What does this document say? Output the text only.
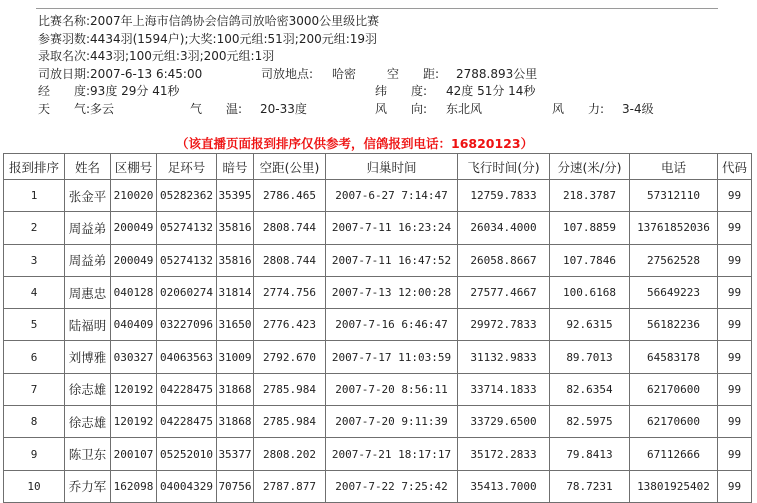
比赛名称:2007年上海市信鸽协会信鸽司放哈密3000公里级比赛
参赛羽数:4434羽(1594户);大奖:100元组:51羽;200元组:19羽
录取名次:443羽;100元组:3羽;200元组:1羽
司放日期:2007-6-13 6:45:00	司放地点: 哈密	空　　距: 2788.893公里
经　　度:93度 29分 41秒	纬　　度: 42度 51分 14秒
天　　气:多云	气　　温: 20-33度	风　　向: 东北风	风　　力: 3-4级
（该直播页面报到排序仅供参考，信鸽报到电话：16820123）
报到排序	姓名	区棚号	足环号	暗号	空距(公里)	归巢时间	飞行时间(分)	分速(米/分)	电话	代码
1	张金平	210020	05282362	35395	2786.465	2007-6-27 7:14:47	12759.7833	218.3787	57312110	99
2	周益弟	200049	05274132	35816	2808.744	2007-7-11 16:23:24	26034.4000	107.8859	13761852036	99
3	周益弟	200049	05274132	35816	2808.744	2007-7-11 16:47:52	26058.8667	107.7846	27562528	99
4	周惠忠	040128	02060274	31814	2774.756	2007-7-13 12:00:28	27577.4667	100.6168	56649223	99
5	陆福明	040409	03227096	31650	2776.423	2007-7-16 6:46:47	29972.7833	92.6315	56182236	99
6	刘博雅	030327	04063563	31009	2792.670	2007-7-17 11:03:59	31132.9833	89.7013	64583178	99
7	徐志雄	120192	04228475	31868	2785.984	2007-7-20 8:56:11	33714.1833	82.6354	62170600	99
8	徐志雄	120192	04228475	31868	2785.984	2007-7-20 9:11:39	33729.6500	82.5975	62170600	99
9	陈卫东	200107	05252010	35377	2808.202	2007-7-21 18:17:17	35172.2833	79.8413	67112666	99
10	乔力军	162098	04004329	70756	2787.877	2007-7-22 7:25:42	35413.7000	78.7231	13801925402	99
